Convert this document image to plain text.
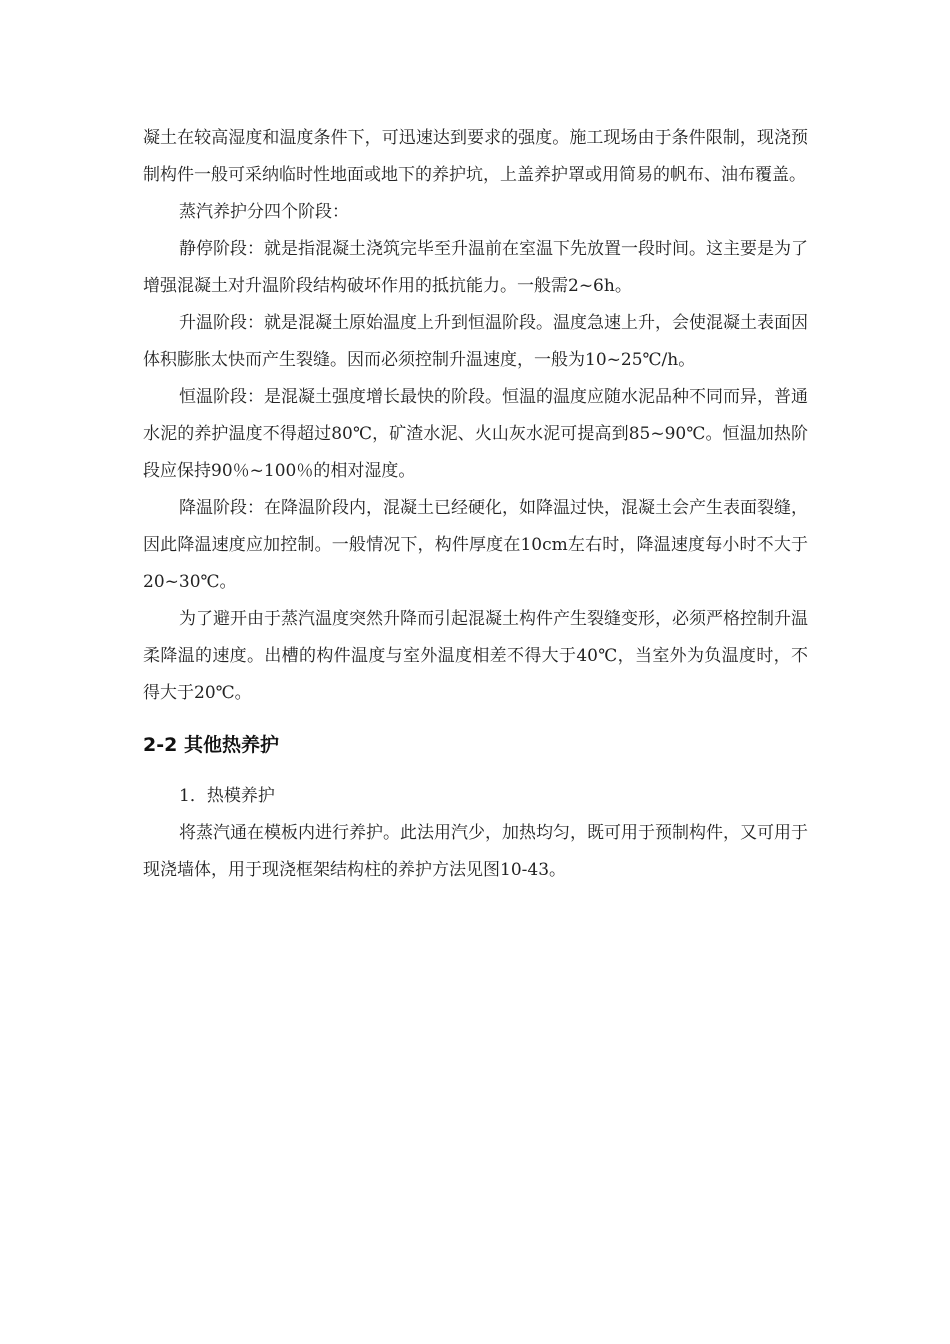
凝土在较高湿度和温度条件下，可迅速达到要求的强度。施工现场由于条件限制，现浇预制构件一般可采纳临时性地面或地下的养护坑，上盖养护罩或用简易的帆布、油布覆盖。

蒸汽养护分四个阶段：

静停阶段：就是指混凝土浇筑完毕至升温前在室温下先放置一段时间。这主要是为了增强混凝土对升温阶段结构破坏作用的抵抗能力。一般需2~6h。

升温阶段：就是混凝土原始温度上升到恒温阶段。温度急速上升，会使混凝土表面因体积膨胀太快而产生裂缝。因而必须控制升温速度，一般为10~25℃/h。

恒温阶段：是混凝土强度增长最快的阶段。恒温的温度应随水泥品种不同而异，普通水泥的养护温度不得超过80℃，矿渣水泥、火山灰水泥可提高到85~90℃。恒温加热阶段应保持90％~100％的相对湿度。

降温阶段：在降温阶段内，混凝土已经硬化，如降温过快，混凝土会产生表面裂缝，因此降温速度应加控制。一般情况下，构件厚度在10cm左右时，降温速度每小时不大于20~30℃。

为了避开由于蒸汽温度突然升降而引起混凝土构件产生裂缝变形，必须严格控制升温柔降温的速度。出槽的构件温度与室外温度相差不得大于40℃，当室外为负温度时，不得大于20℃。

2-2 其他热养护

1．热模养护

将蒸汽通在模板内进行养护。此法用汽少，加热均匀，既可用于预制构件，又可用于现浇墙体，用于现浇框架结构柱的养护方法见图10-43。
